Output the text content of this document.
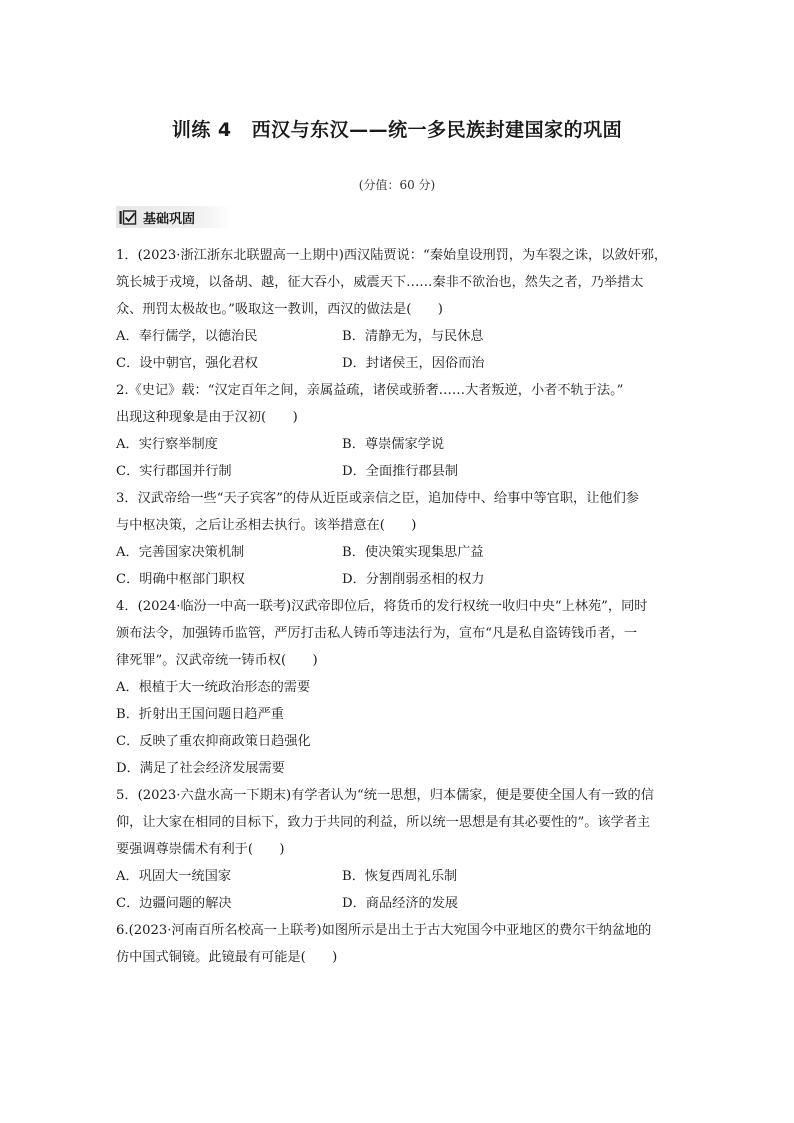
训练 4 西汉与东汉——统一多民族封建国家的巩固
(分值：60 分)
基础巩固
1．(2023·浙江浙东北联盟高一上期中)西汉陆贾说：“秦始皇设刑罚，为车裂之诛，以敛奸邪，
筑长城于戎境，以备胡、越，征大吞小，威震天下……秦非不欲治也，然失之者，乃举措太
众、刑罚太极故也。”吸取这一教训，西汉的做法是(　　)
A．奉行儒学，以德治民	B．清静无为，与民休息
C．设中朝官，强化君权	D．封诸侯王，因俗而治
2.《史记》载：“汉定百年之间，亲属益疏，诸侯或骄奢……大者叛逆，小者不轨于法。”
出现这种现象是由于汉初(　　)
A．实行察举制度	B．尊崇儒家学说
C．实行郡国并行制	D．全面推行郡县制
3．汉武帝给一些“天子宾客”的侍从近臣或亲信之臣，追加侍中、给事中等官职，让他们参
与中枢决策，之后让丞相去执行。该举措意在(　　)
A．完善国家决策机制	B．使决策实现集思广益
C．明确中枢部门职权	D．分割削弱丞相的权力
4．(2024·临汾一中高一联考)汉武帝即位后，将货币的发行权统一收归中央“上林苑”，同时
颁布法令，加强铸币监管，严厉打击私人铸币等违法行为，宣布“凡是私自盗铸钱币者，一
律死罪”。汉武帝统一铸币权(　　)
A．根植于大一统政治形态的需要
B．折射出王国问题日趋严重
C．反映了重农抑商政策日趋强化
D．满足了社会经济发展需要
5．(2023·六盘水高一下期末)有学者认为“统一思想，归本儒家，便是要使全国人有一致的信
仰，让大家在相同的目标下，致力于共同的利益，所以统一思想是有其必要性的”。该学者主
要强调尊崇儒术有利于(　　)
A．巩固大一统国家	B．恢复西周礼乐制
C．边疆问题的解决	D．商品经济的发展
6.(2023·河南百所名校高一上联考)如图所示是出土于古大宛国今中亚地区的费尔干纳盆地的
仿中国式铜镜。此镜最有可能是(　　)
